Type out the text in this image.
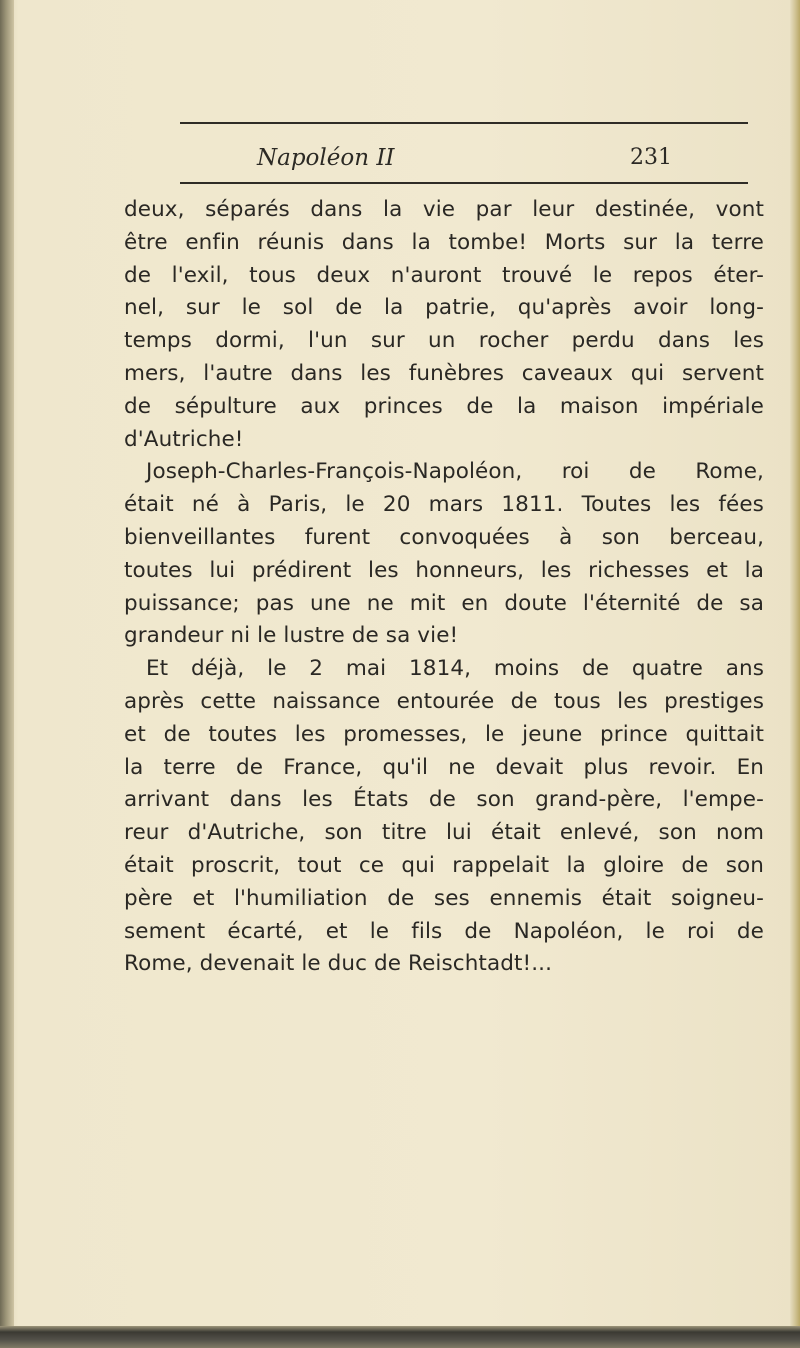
Napoléon II	231
deux, séparés dans la vie par leur destinée, vont
être enfin réunis dans la tombe! Morts sur la terre
de l'exil, tous deux n'auront trouvé le repos éter-
nel, sur le sol de la patrie, qu'après avoir long-
temps dormi, l'un sur un rocher perdu dans les
mers, l'autre dans les funèbres caveaux qui servent
de sépulture aux princes de la maison impériale
d'Autriche!
Joseph-Charles-François-Napoléon, roi de Rome,
était né à Paris, le 20 mars 1811. Toutes les fées
bienveillantes furent convoquées à son berceau,
toutes lui prédirent les honneurs, les richesses et la
puissance; pas une ne mit en doute l'éternité de sa
grandeur ni le lustre de sa vie!
Et déjà, le 2 mai 1814, moins de quatre ans
après cette naissance entourée de tous les prestiges
et de toutes les promesses, le jeune prince quittait
la terre de France, qu'il ne devait plus revoir. En
arrivant dans les États de son grand-père, l'empe-
reur d'Autriche, son titre lui était enlevé, son nom
était proscrit, tout ce qui rappelait la gloire de son
père et l'humiliation de ses ennemis était soigneu-
sement écarté, et le fils de Napoléon, le roi de
Rome, devenait le duc de Reischtadt!...
